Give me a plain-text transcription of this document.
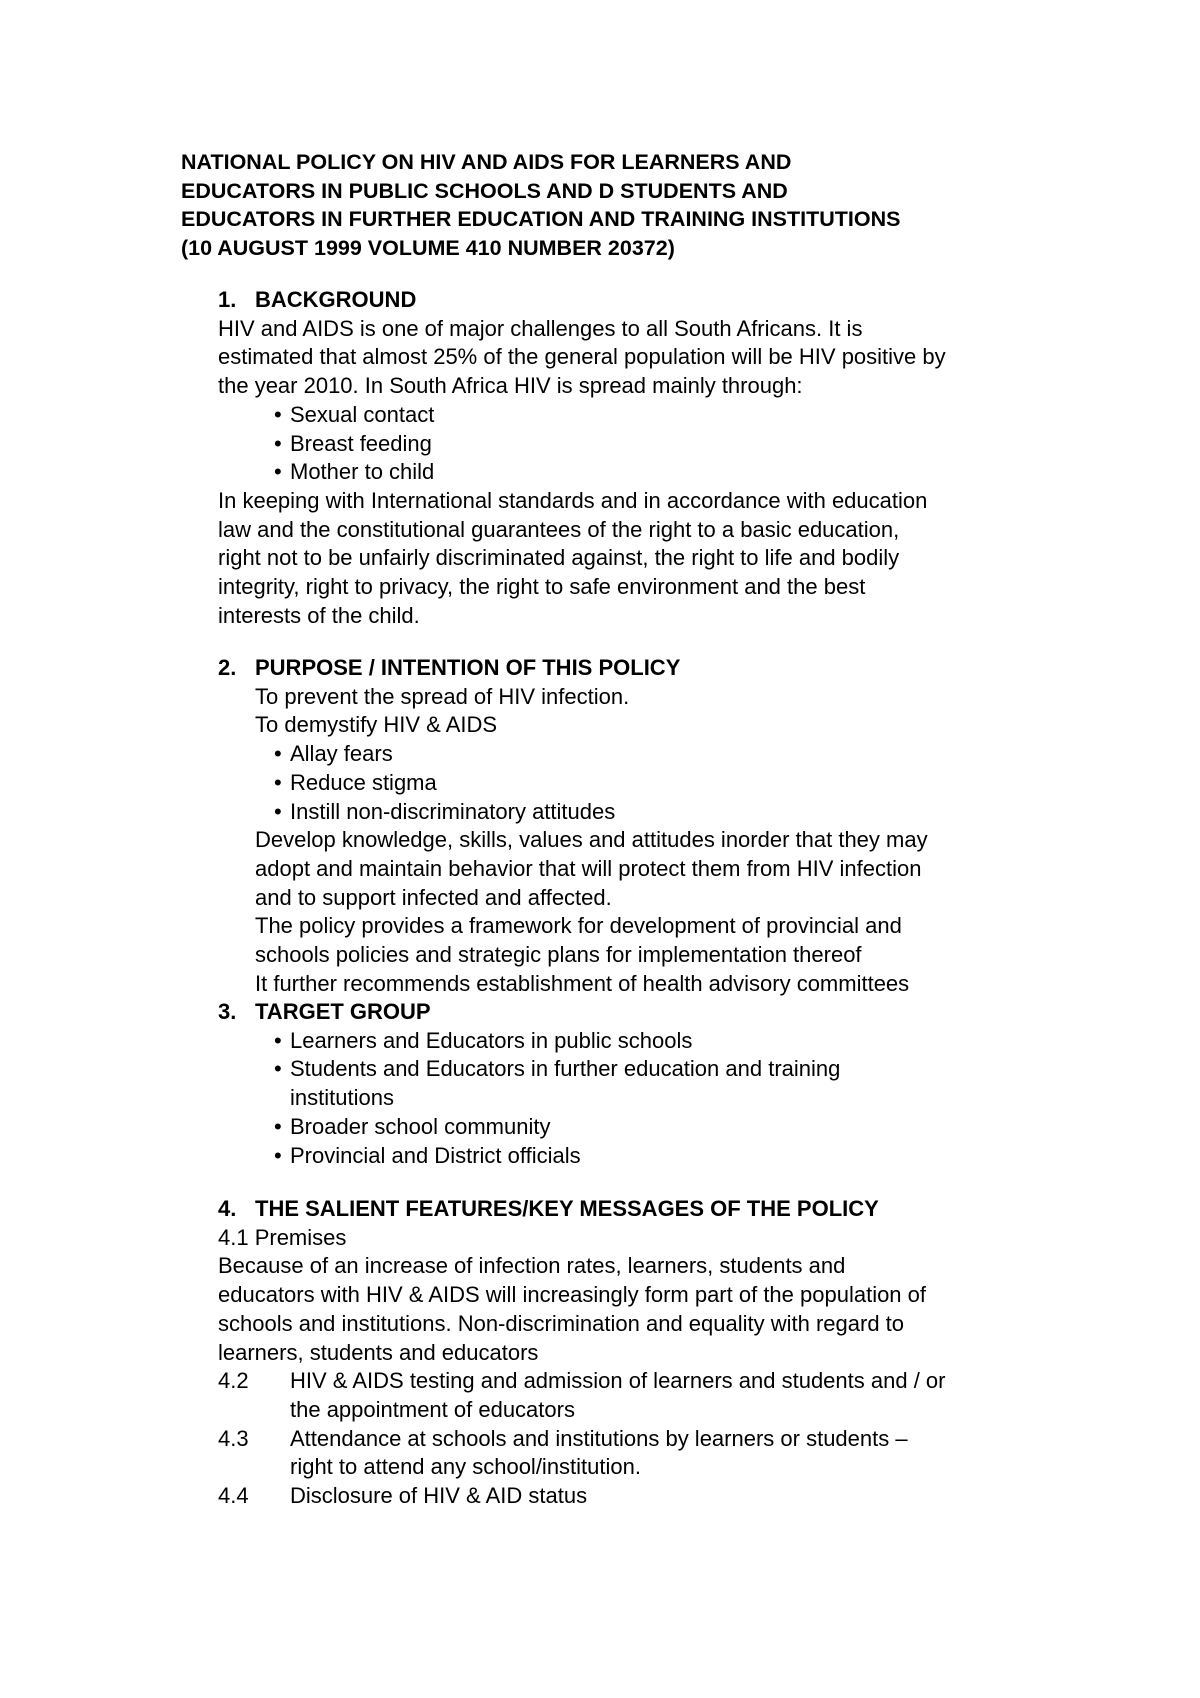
NATIONAL POLICY ON HIV AND AIDS FOR LEARNERS AND
EDUCATORS IN PUBLIC SCHOOLS AND D STUDENTS AND
EDUCATORS IN FURTHER EDUCATION AND TRAINING INSTITUTIONS
(10 AUGUST 1999 VOLUME 410 NUMBER 20372)
1. BACKGROUND
HIV and AIDS is one of major challenges to all South Africans. It is
estimated that almost 25% of the general population will be HIV positive by
the year 2010. In South Africa HIV is spread mainly through:
Sexual contact
Breast feeding
Mother to child
In keeping with International standards and in accordance with education
law and the constitutional guarantees of the right to a basic education,
right not to be unfairly discriminated against, the right to life and bodily
integrity, right to privacy, the right to safe environment and the best
interests of the child.
2. PURPOSE / INTENTION OF THIS POLICY
To prevent the spread of HIV infection.
To demystify HIV & AIDS
Allay fears
Reduce stigma
Instill non-discriminatory attitudes
Develop knowledge, skills, values and attitudes inorder that they may
adopt and maintain behavior that will protect them from HIV infection
and to support infected and affected.
The policy provides a framework for development of provincial and
schools policies and strategic plans for implementation thereof
It further recommends establishment of health advisory committees
3. TARGET GROUP
Learners and Educators in public schools
Students and Educators in further education and training
institutions
Broader school community
Provincial and District officials
4. THE SALIENT FEATURES/KEY MESSAGES OF THE POLICY
4.1 Premises
Because of an increase of infection rates, learners, students and
educators with HIV & AIDS will increasingly form part of the population of
schools and institutions. Non-discrimination and equality with regard to
learners, students and educators
4.2 HIV & AIDS testing and admission of learners and students and / or
the appointment of educators
4.3 Attendance at schools and institutions by learners or students –
right to attend any school/institution.
4.4 Disclosure of HIV & AID status
